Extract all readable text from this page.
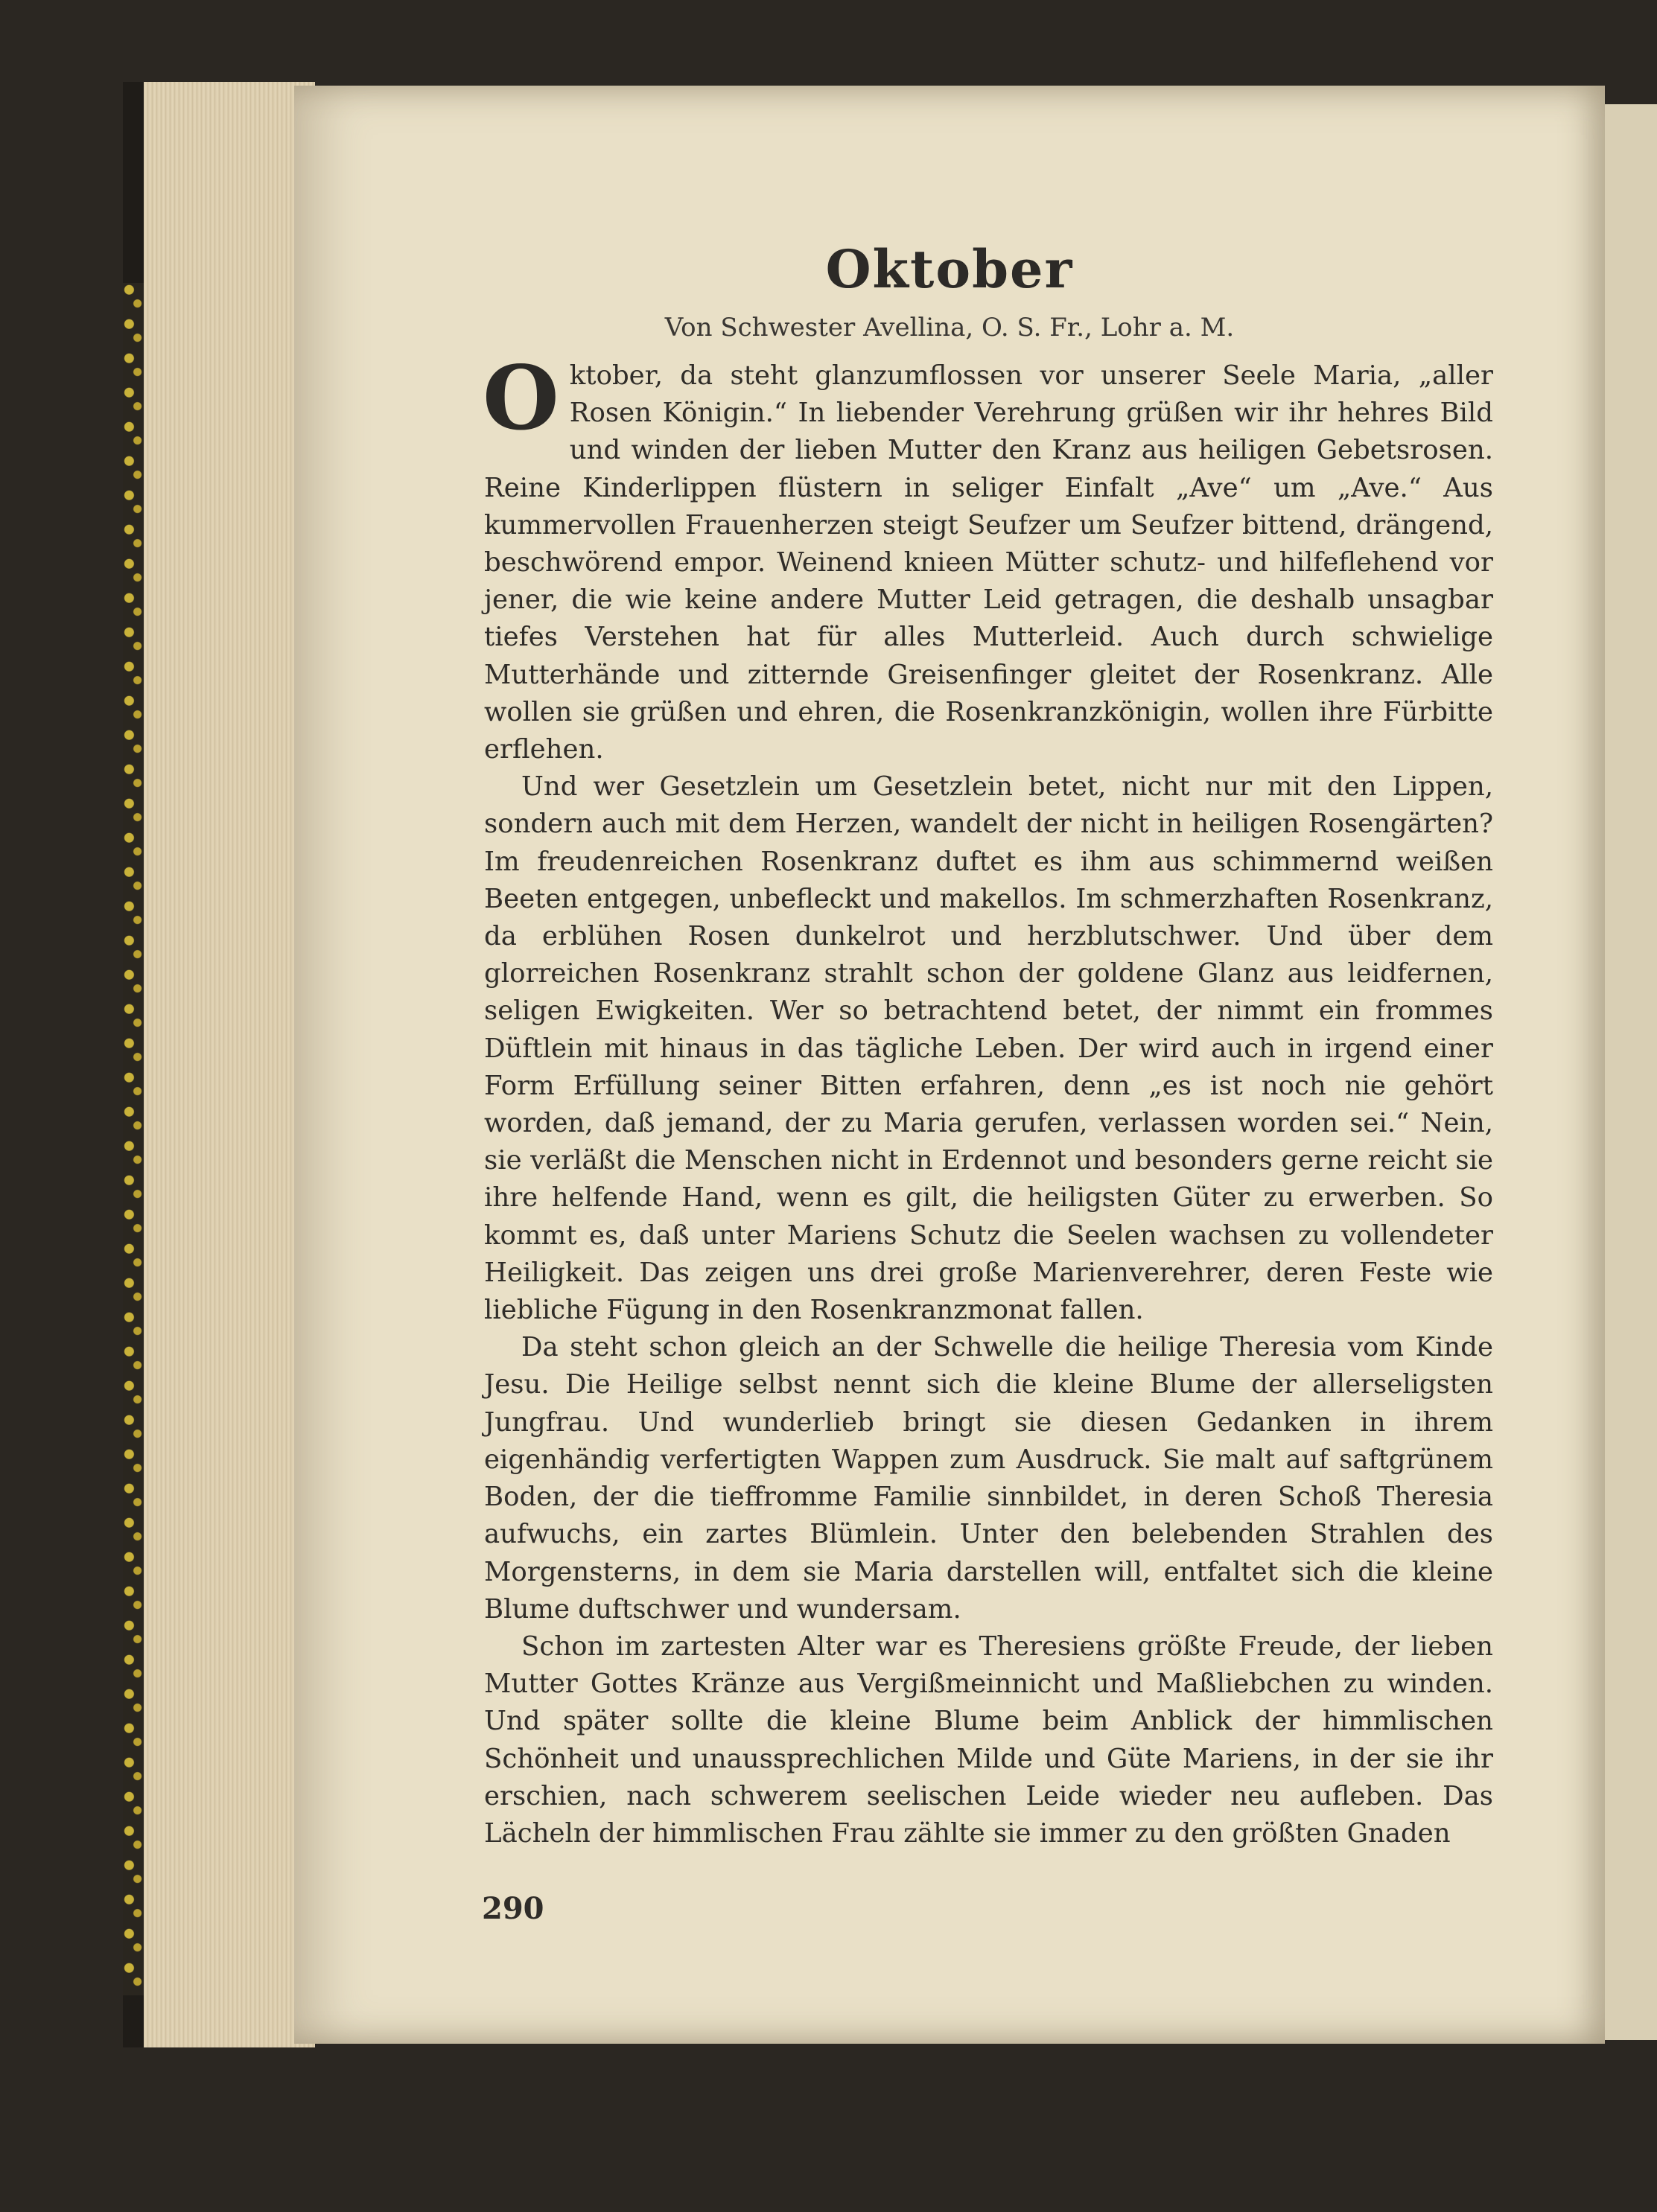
Oktober
Von Schwester Avellina, O. S. Fr., Lohr a. M.

Oktober, da steht glanzumflossen vor unserer Seele Maria, „aller Rosen Königin.“ In liebender Verehrung grüßen wir ihr hehres Bild und winden der lieben Mutter den Kranz aus heiligen Gebetsrosen. Reine Kinderlippen flüstern in seliger Einfalt „Ave“ um „Ave.“ Aus kummervollen Frauenherzen steigt Seufzer um Seufzer bittend, drängend, beschwörend empor. Weinend knieen Mütter schutz- und hilfeflehend vor jener, die wie keine andere Mutter Leid getragen, die deshalb unsagbar tiefes Verstehen hat für alles Mutterleid. Auch durch schwielige Mutterhände und zitternde Greisenfinger gleitet der Rosenkranz. Alle wollen sie grüßen und ehren, die Rosenkranzkönigin, wollen ihre Fürbitte erflehen.

Und wer Gesetzlein um Gesetzlein betet, nicht nur mit den Lippen, sondern auch mit dem Herzen, wandelt der nicht in heiligen Rosengärten? Im freudenreichen Rosenkranz duftet es ihm aus schimmernd weißen Beeten entgegen, unbefleckt und makellos. Im schmerzhaften Rosenkranz, da erblühen Rosen dunkelrot und herzblutschwer. Und über dem glorreichen Rosenkranz strahlt schon der goldene Glanz aus leidfernen, seligen Ewigkeiten. Wer so betrachtend betet, der nimmt ein frommes Düftlein mit hinaus in das tägliche Leben. Der wird auch in irgend einer Form Erfüllung seiner Bitten erfahren, denn „es ist noch nie gehört worden, daß jemand, der zu Maria gerufen, verlassen worden sei.“ Nein, sie verläßt die Menschen nicht in Erdennot und besonders gerne reicht sie ihre helfende Hand, wenn es gilt, die heiligsten Güter zu erwerben. So kommt es, daß unter Mariens Schutz die Seelen wachsen zu vollendeter Heiligkeit. Das zeigen uns drei große Marienverehrer, deren Feste wie liebliche Fügung in den Rosenkranzmonat fallen.

Da steht schon gleich an der Schwelle die heilige Theresia vom Kinde Jesu. Die Heilige selbst nennt sich die kleine Blume der allerseligsten Jungfrau. Und wunderlieb bringt sie diesen Gedanken in ihrem eigenhändig verfertigten Wappen zum Ausdruck. Sie malt auf saftgrünem Boden, der die tieffromme Familie sinnbildet, in deren Schoß Theresia aufwuchs, ein zartes Blümlein. Unter den belebenden Strahlen des Morgensterns, in dem sie Maria darstellen will, entfaltet sich die kleine Blume duftschwer und wundersam.

Schon im zartesten Alter war es Theresiens größte Freude, der lieben Mutter Gottes Kränze aus Vergißmeinnicht und Maßliebchen zu winden. Und später sollte die kleine Blume beim Anblick der himmlischen Schönheit und unaussprechlichen Milde und Güte Mariens, in der sie ihr erschien, nach schwerem seelischen Leide wieder neu aufleben. Das Lächeln der himmlischen Frau zählte sie immer zu den größten Gnaden

290
